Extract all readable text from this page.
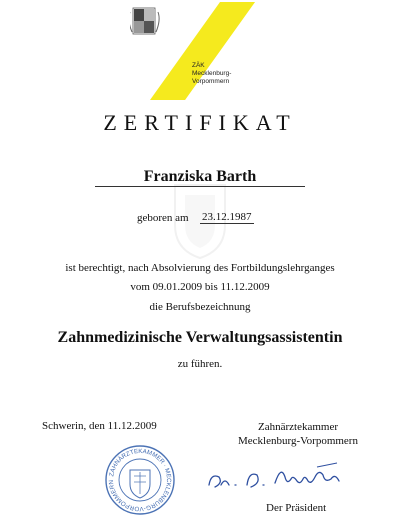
ZÄK
Mecklenburg-
Vorpommern
ZERTIFIKAT
Franziska Barth
geboren am 23.12.1987
ist berechtigt, nach Absolvierung des Fortbildungslehrganges
vom 09.01.2009 bis 11.12.2009
die Berufsbezeichnung
Zahnmedizinische Verwaltungsassistentin
zu führen.
Schwerin, den 11.12.2009	Zahnärztekammer
Mecklenburg-Vorpommern
ZAHNÄRZTEKAMMER · MECKLENBURG-VORPOMMERN
Der Präsident
